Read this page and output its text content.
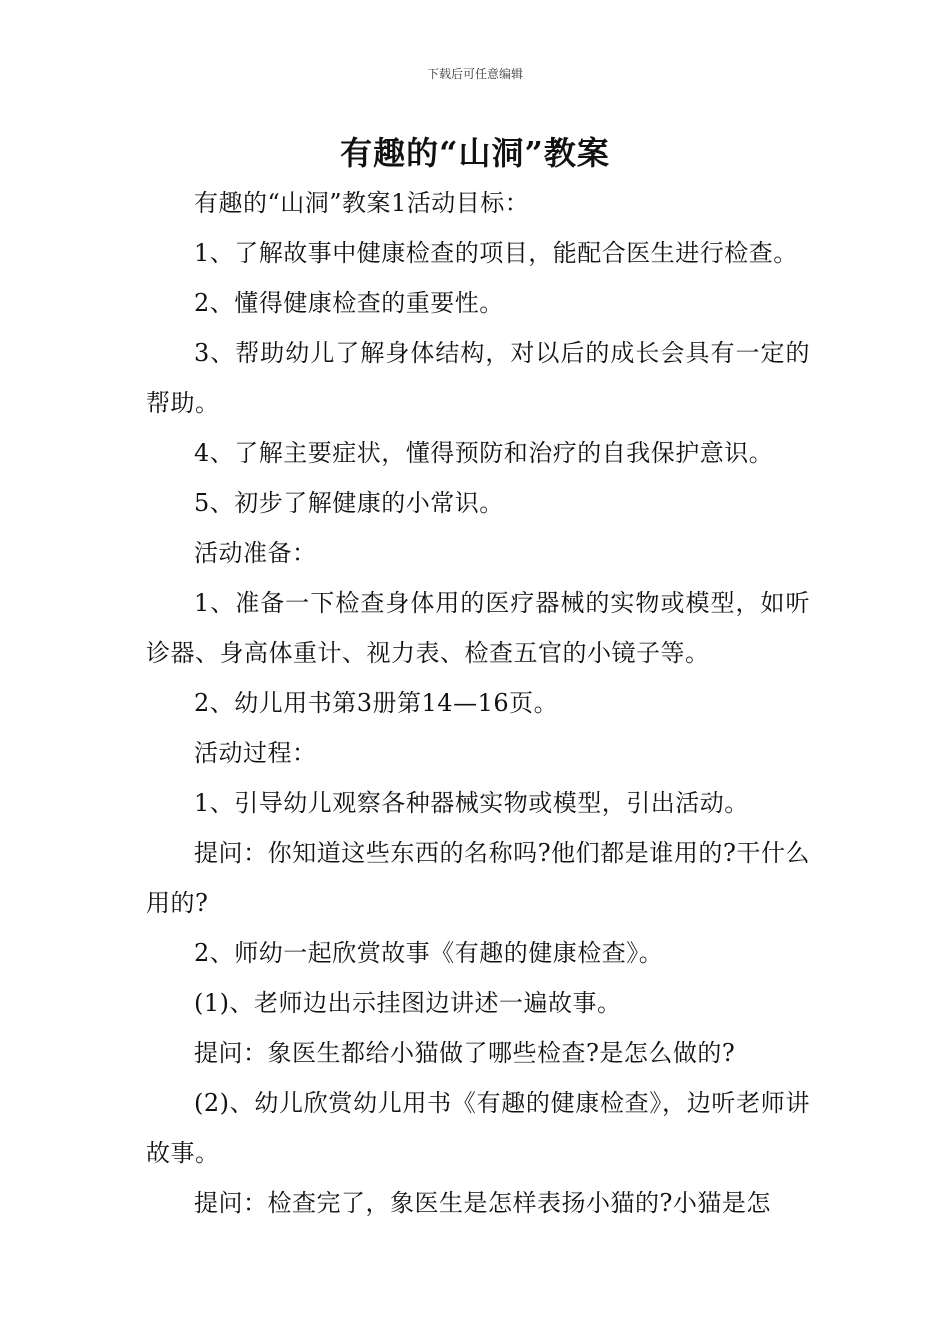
下载后可任意编辑
有趣的“山洞”教案

有趣的“山洞”教案1活动目标：

1、了解故事中健康检查的项目，能配合医生进行检查。

2、懂得健康检查的重要性。

3、帮助幼儿了解身体结构，对以后的成长会具有一定的帮助。

4、了解主要症状，懂得预防和治疗的自我保护意识。

5、初步了解健康的小常识。

活动准备：

1、准备一下检查身体用的医疗器械的实物或模型，如听诊器、身高体重计、视力表、检查五官的小镜子等。

2、幼儿用书第3册第14—16页。

活动过程：

1、引导幼儿观察各种器械实物或模型，引出活动。

提问：你知道这些东西的名称吗?他们都是谁用的?干什么用的?

2、师幼一起欣赏故事《有趣的健康检查》。

(1)、老师边出示挂图边讲述一遍故事。

提问：象医生都给小猫做了哪些检查?是怎么做的?

(2)、幼儿欣赏幼儿用书《有趣的健康检查》，边听老师讲故事。

提问：检查完了，象医生是怎样表扬小猫的?小猫是怎
